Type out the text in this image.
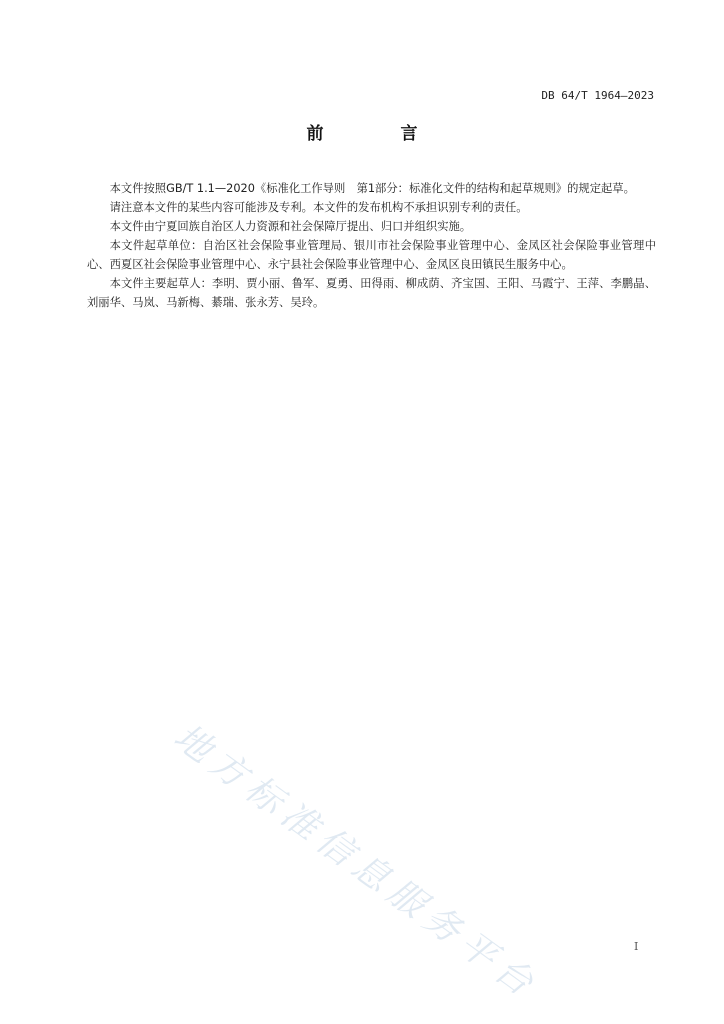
DB 64/T 1964—2023
前　言

本文件按照GB/T 1.1—2020《标准化工作导则　第1部分：标准化文件的结构和起草规则》的规定起草。

请注意本文件的某些内容可能涉及专利。本文件的发布机构不承担识别专利的责任。

本文件由宁夏回族自治区人力资源和社会保障厅提出、归口并组织实施。

本文件起草单位：自治区社会保险事业管理局、银川市社会保险事业管理中心、金凤区社会保险事业管理中心、西夏区社会保险事业管理中心、永宁县社会保险事业管理中心、金凤区良田镇民生服务中心。

本文件主要起草人：李明、贾小丽、鲁军、夏勇、田得雨、柳成荫、齐宝国、王阳、马霞宁、王萍、李鹏晶、刘丽华、马岚、马新梅、綦瑞、张永芳、吴玲。

地方标准信息服务平台	I
